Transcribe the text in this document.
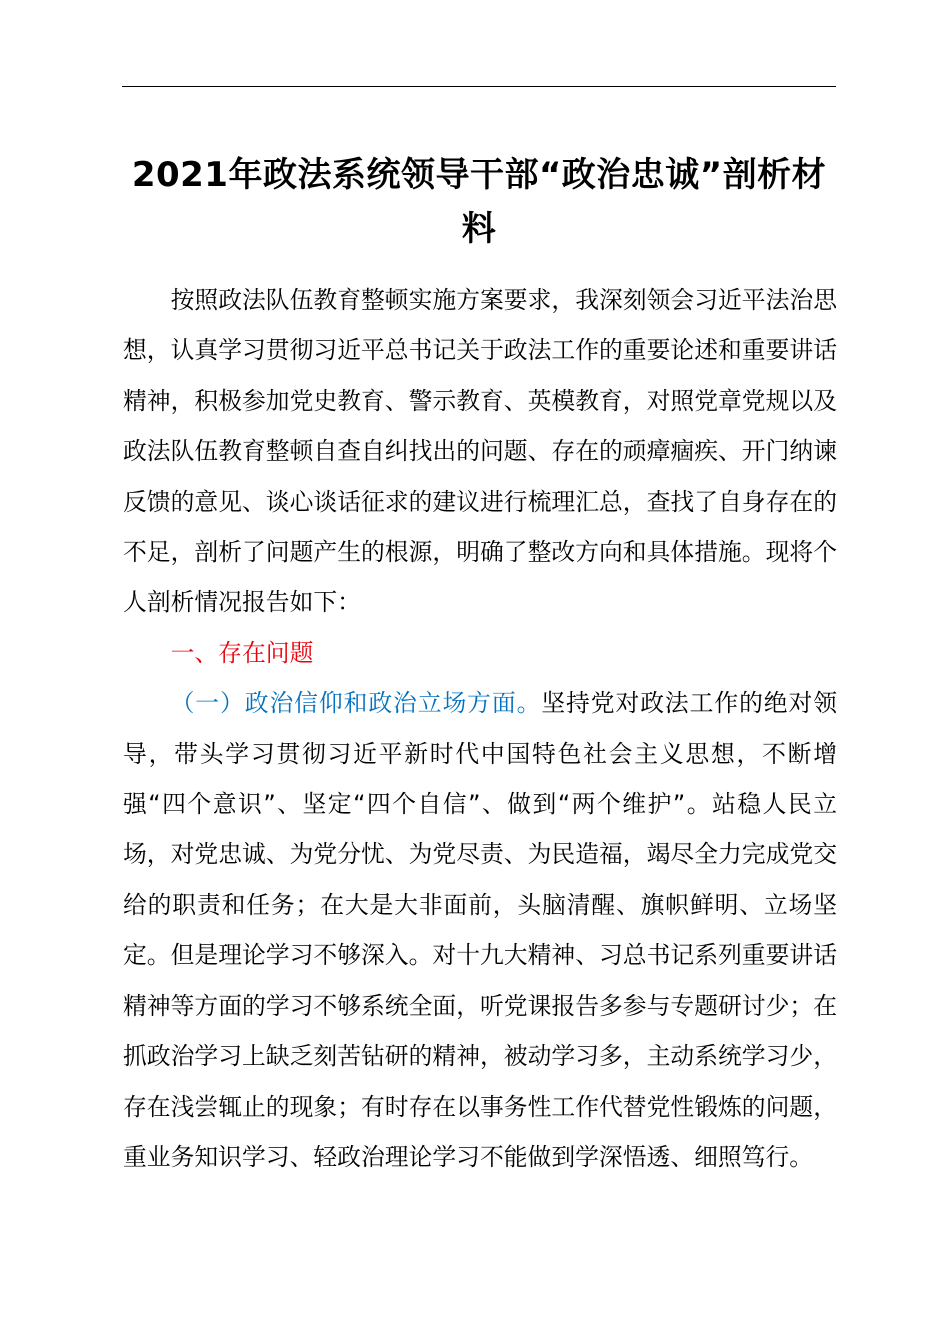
2021年政法系统领导干部“政治忠诚”剖析材料

按照政法队伍教育整顿实施方案要求，我深刻领会习近平法治思想，认真学习贯彻习近平总书记关于政法工作的重要论述和重要讲话精神，积极参加党史教育、警示教育、英模教育，对照党章党规以及政法队伍教育整顿自查自纠找出的问题、存在的顽瘴痼疾、开门纳谏反馈的意见、谈心谈话征求的建议进行梳理汇总，查找了自身存在的不足，剖析了问题产生的根源，明确了整改方向和具体措施。现将个人剖析情况报告如下：

一、存在问题

（一）政治信仰和政治立场方面。坚持党对政法工作的绝对领导，带头学习贯彻习近平新时代中国特色社会主义思想，不断增强“四个意识”、坚定“四个自信”、做到“两个维护”。站稳人民立场，对党忠诚、为党分忧、为党尽责、为民造福，竭尽全力完成党交给的职责和任务；在大是大非面前，头脑清醒、旗帜鲜明、立场坚定。但是理论学习不够深入。对十九大精神、习总书记系列重要讲话精神等方面的学习不够系统全面，听党课报告多参与专题研讨少；在抓政治学习上缺乏刻苦钻研的精神，被动学习多，主动系统学习少，存在浅尝辄止的现象；有时存在以事务性工作代替党性锻炼的问题，重业务知识学习、轻政治理论学习不能做到学深悟透、细照笃行。
